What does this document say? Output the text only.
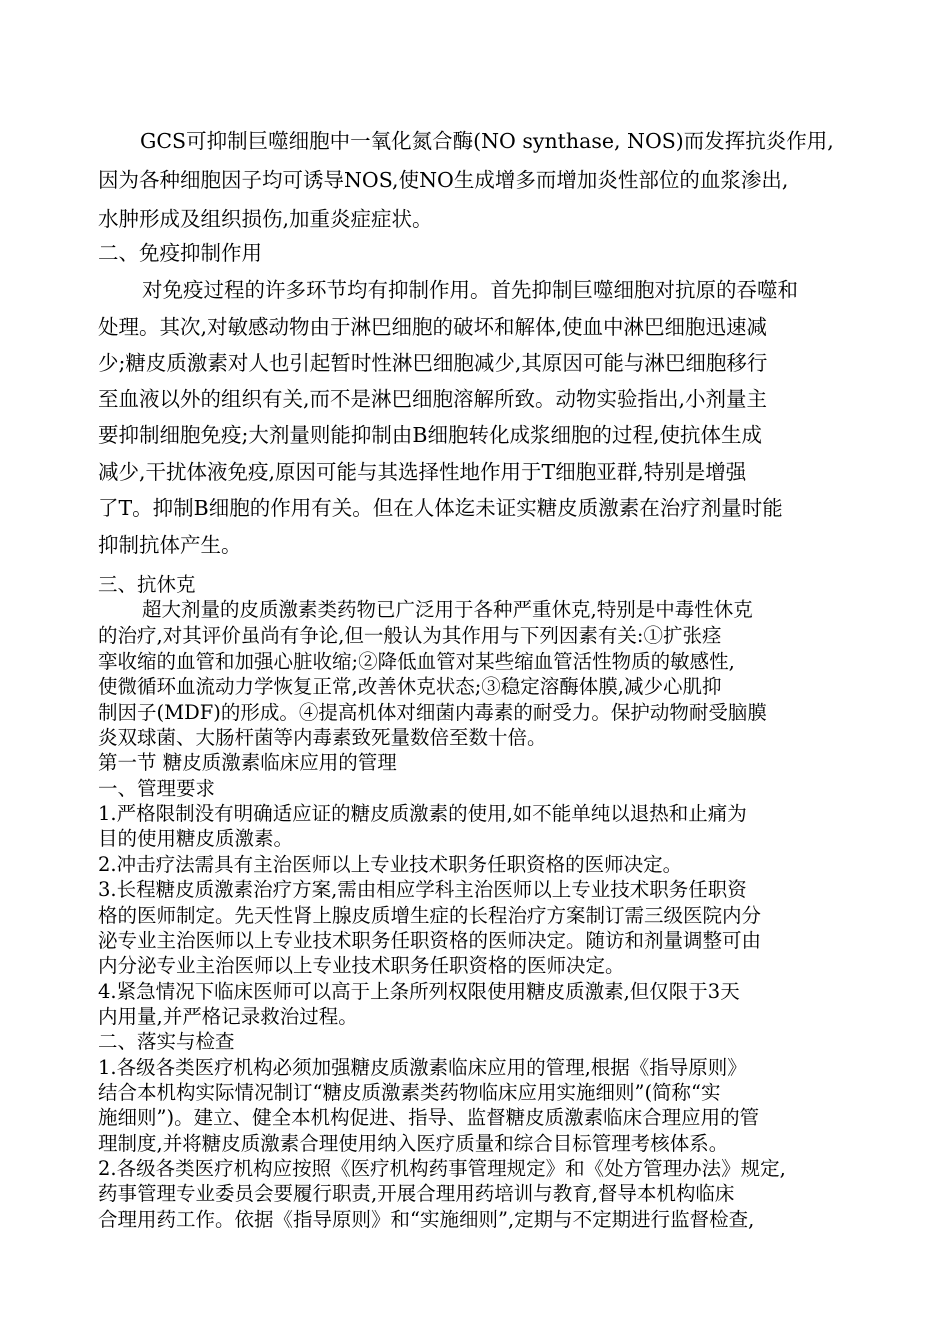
GCS可抑制巨噬细胞中一氧化氮合酶(NO synthase, NOS)而发挥抗炎作用,
因为各种细胞因子均可诱导NOS,使NO生成增多而增加炎性部位的血浆渗出,
水肿形成及组织损伤,加重炎症症状。
二、免疫抑制作用
对免疫过程的许多环节均有抑制作用。首先抑制巨噬细胞对抗原的吞噬和
处理。其次,对敏感动物由于淋巴细胞的破坏和解体,使血中淋巴细胞迅速减
少;糖皮质激素对人也引起暂时性淋巴细胞减少,其原因可能与淋巴细胞移行
至血液以外的组织有关,而不是淋巴细胞溶解所致。动物实验指出,小剂量主
要抑制细胞免疫;大剂量则能抑制由B细胞转化成浆细胞的过程,使抗体生成
减少,干扰体液免疫,原因可能与其选择性地作用于T细胞亚群,特别是增强
了T。抑制B细胞的作用有关。但在人体迄未证实糖皮质激素在治疗剂量时能
抑制抗体产生。
三、抗休克
超大剂量的皮质激素类药物已广泛用于各种严重休克,特别是中毒性休克
的治疗,对其评价虽尚有争论,但一般认为其作用与下列因素有关:①扩张痉
挛收缩的血管和加强心脏收缩;②降低血管对某些缩血管活性物质的敏感性,
使微循环血流动力学恢复正常,改善休克状态;③稳定溶酶体膜,减少心肌抑
制因子(MDF)的形成。④提高机体对细菌内毒素的耐受力。保护动物耐受脑膜
炎双球菌、大肠杆菌等内毒素致死量数倍至数十倍。
第一节 糖皮质激素临床应用的管理
一、管理要求
1.严格限制没有明确适应证的糖皮质激素的使用,如不能单纯以退热和止痛为
目的使用糖皮质激素。
2.冲击疗法需具有主治医师以上专业技术职务任职资格的医师决定。
3.长程糖皮质激素治疗方案,需由相应学科主治医师以上专业技术职务任职资
格的医师制定。先天性肾上腺皮质增生症的长程治疗方案制订需三级医院内分
泌专业主治医师以上专业技术职务任职资格的医师决定。随访和剂量调整可由
内分泌专业主治医师以上专业技术职务任职资格的医师决定。
4.紧急情况下临床医师可以高于上条所列权限使用糖皮质激素,但仅限于3天
内用量,并严格记录救治过程。
二、落实与检查
1.各级各类医疗机构必须加强糖皮质激素临床应用的管理,根据《指导原则》
结合本机构实际情况制订“糖皮质激素类药物临床应用实施细则”(简称“实
施细则”)。建立、健全本机构促进、指导、监督糖皮质激素临床合理应用的管
理制度,并将糖皮质激素合理使用纳入医疗质量和综合目标管理考核体系。
2.各级各类医疗机构应按照《医疗机构药事管理规定》和《处方管理办法》规定,
药事管理专业委员会要履行职责,开展合理用药培训与教育,督导本机构临床
合理用药工作。依据《指导原则》和“实施细则”,定期与不定期进行监督检查,
